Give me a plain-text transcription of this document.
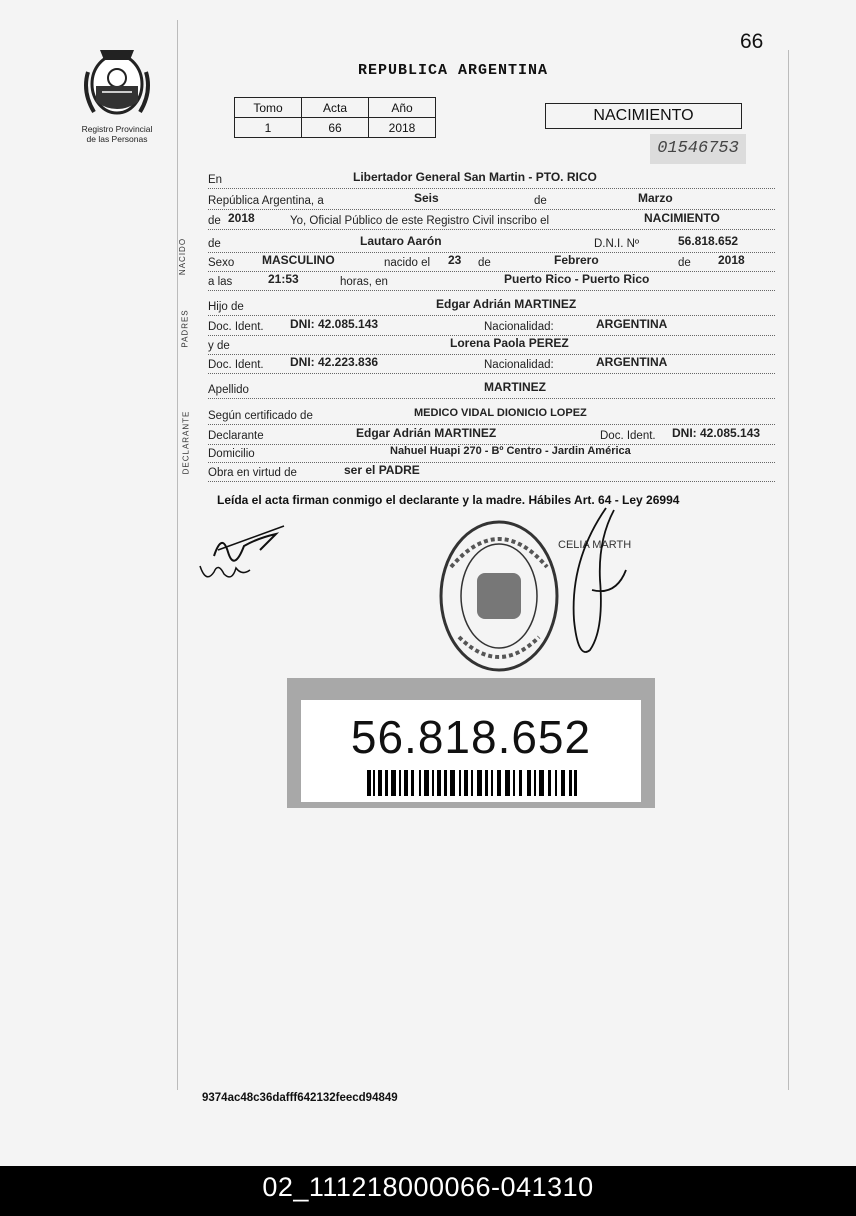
Registro Provincial
de las Personas
66
REPUBLICA ARGENTINA
Tomo	Acta	Año
1	66	2018
NACIMIENTO
01546753
NACIDO
PADRES
DECLARANTE
En	Libertador General San Martin - PTO. RICO
República Argentina, a	Seis	de	Marzo
de 2018	Yo, Oficial Público de este Registro Civil inscribo el	NACIMIENTO
de	Lautaro Aarón	D.N.I. Nº	56.818.652
Sexo MASCULINO	nacido el 23 de	Febrero	de 2018
a las	21:53	horas, en	Puerto Rico - Puerto Rico
Hijo de	Edgar Adrián MARTINEZ
Doc. Ident. DNI: 42.085.143	Nacionalidad:	ARGENTINA
y de	Lorena Paola PEREZ
Doc. Ident. DNI: 42.223.836	Nacionalidad:	ARGENTINA
Apellido	MARTINEZ
Según certificado de	MEDICO VIDAL DIONICIO LOPEZ
Declarante	Edgar Adrián MARTINEZ	Doc. Ident. DNI: 42.085.143
Domicilio	Nahuel Huapi 270 - Bº Centro - Jardin América
Obra en virtud de	ser el PADRE
Leída el acta firman conmigo el declarante y la madre. Hábiles Art. 64 - Ley 26994
CELIA MARTH
56.818.652
9374ac48c36dafff642132feecd94849
02_111218000066-041310
